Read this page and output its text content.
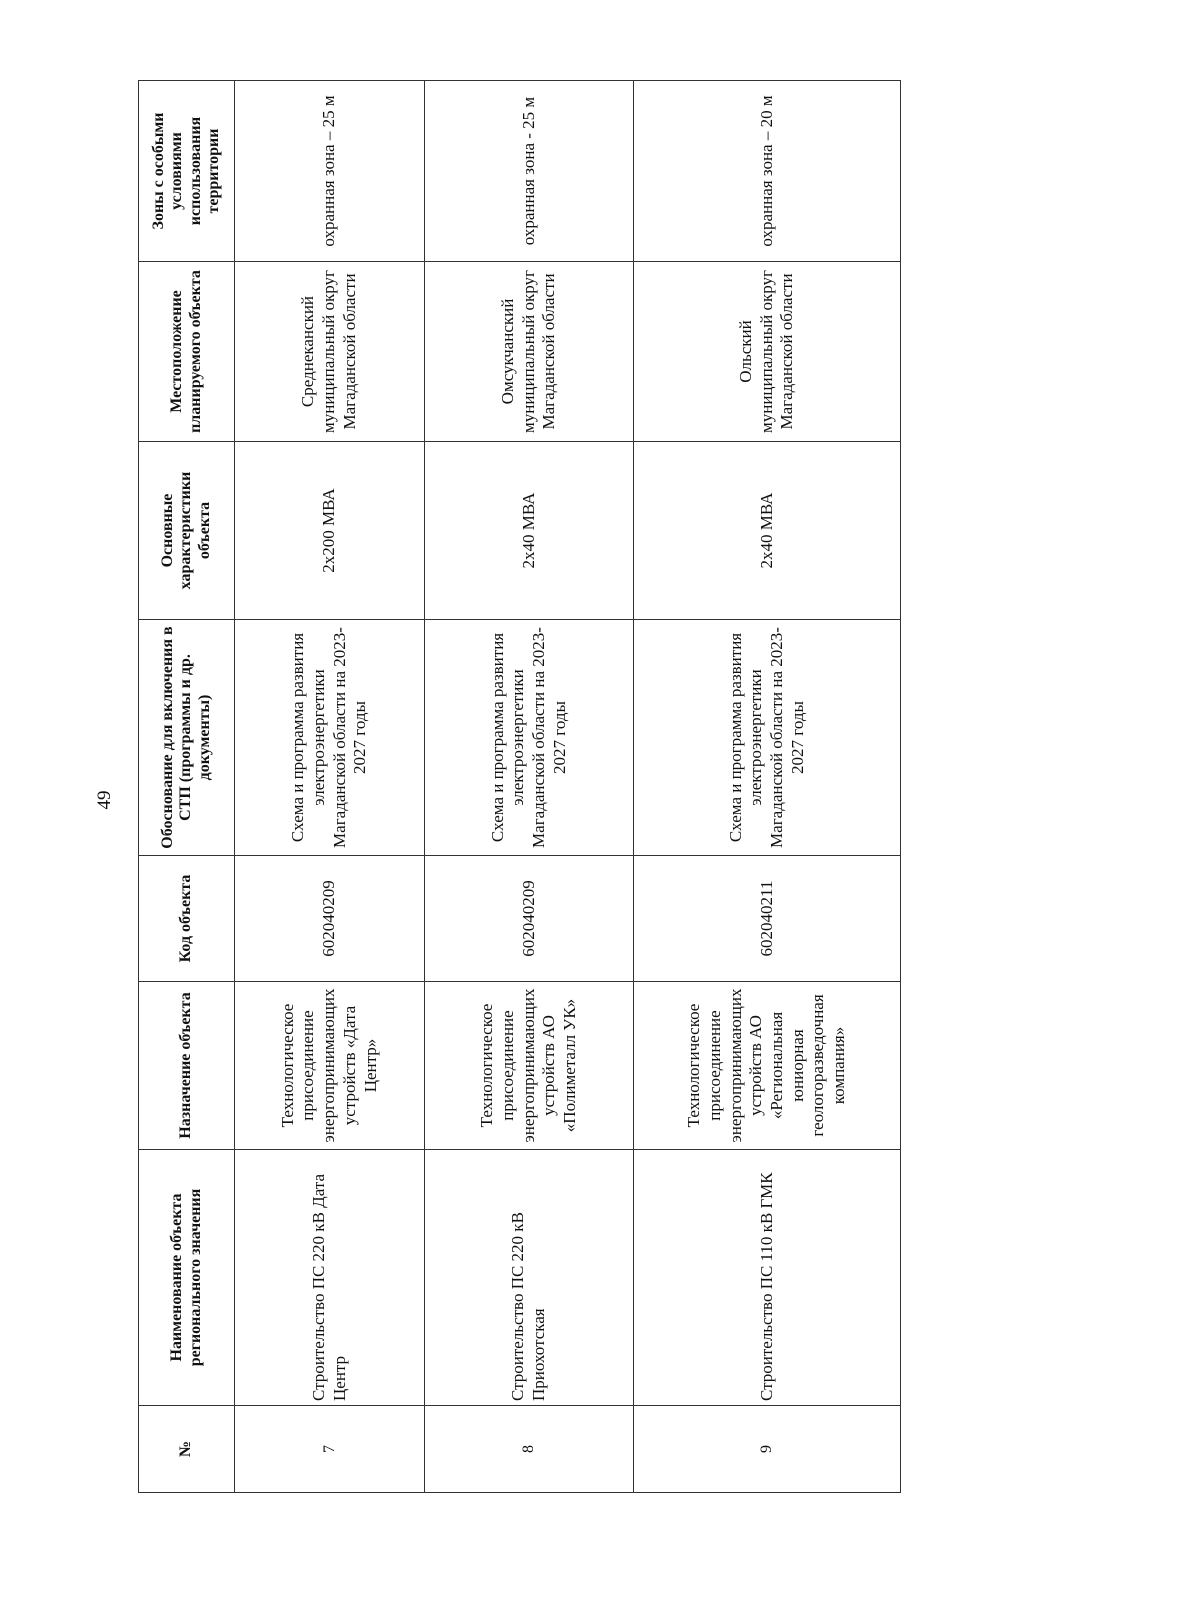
49
№	Наименование объекта регионального значения	Назначение объекта	Код объекта	Обоснование для включения в СТП (программы и др. документы)	Основные характеристики объекта	Местоположение планируемого объекта	Зоны с особыми условиями использования территории
7	Строительство ПС 220 кВ Дата Центр	Технологическое присоединение энергопринимающих устройств «Дата Центр»	602040209	Схема и программа развития электроэнергетики Магаданской области на 2023-2027 годы	2х200 МВА	Среднеканский муниципальный округ Магаданской области	охранная зона – 25 м
8	Строительство ПС 220 кВ Приохотская	Технологическое присоединение энергопринимающих устройств АО «Полиметалл УК»	602040209	Схема и программа развития электроэнергетики Магаданской области на 2023-2027 годы	2х40 МВА	Омсукчанский муниципальный округ Магаданской области	охранная зона - 25 м
9	Строительство ПС 110 кВ ГМК	Технологическое присоединение энергопринимающих устройств АО «Региональная юниорная геологоразведочная компания»	602040211	Схема и программа развития электроэнергетики Магаданской области на 2023-2027 годы	2х40 МВА	Ольский муниципальный округ Магаданской области	охранная зона – 20 м
